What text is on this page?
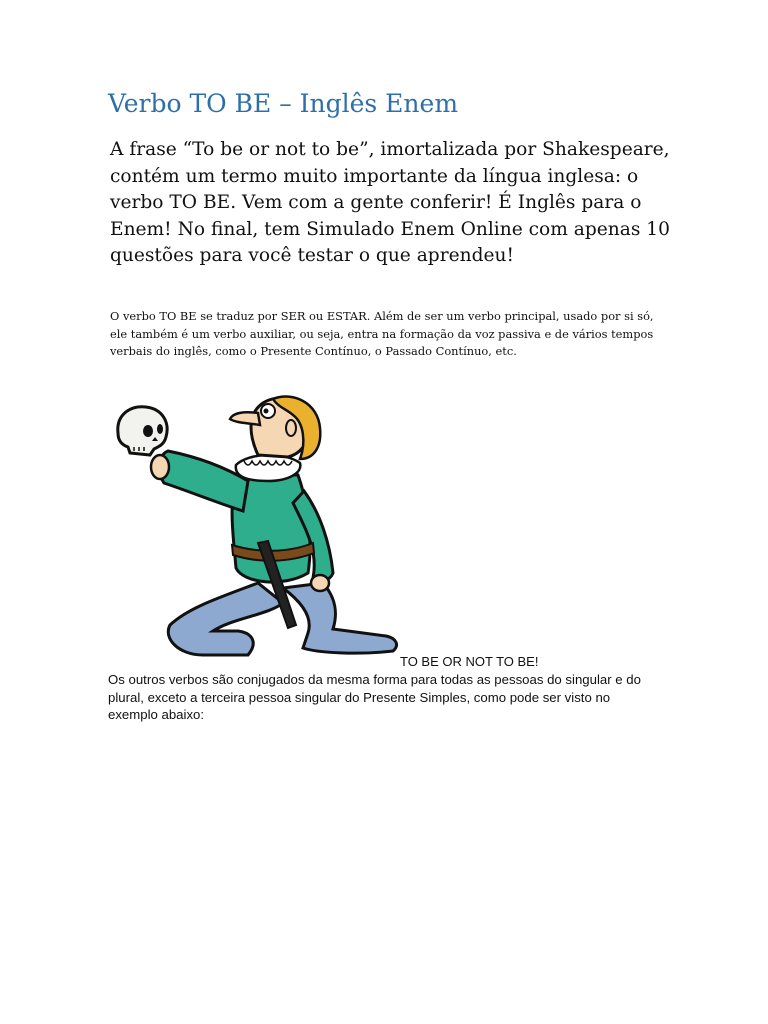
Verbo TO BE – Inglês Enem

A frase “To be or not to be”, imortalizada por Shakespeare, contém um termo muito importante da língua inglesa: o verbo TO BE. Vem com a gente conferir! É Inglês para o Enem! No final, tem Simulado Enem Online com apenas 10 questões para você testar o que aprendeu!

O verbo TO BE se traduz por SER ou ESTAR. Além de ser um verbo principal, usado por si só, ele também é um verbo auxiliar, ou seja, entra na formação da voz passiva e de vários tempos verbais do inglês, como o Presente Contínuo, o Passado Contínuo, etc.

TO BE OR NOT TO BE!

Os outros verbos são conjugados da mesma forma para todas as pessoas do singular e do plural, exceto a terceira pessoa singular do Presente Simples, como pode ser visto no exemplo abaixo:
